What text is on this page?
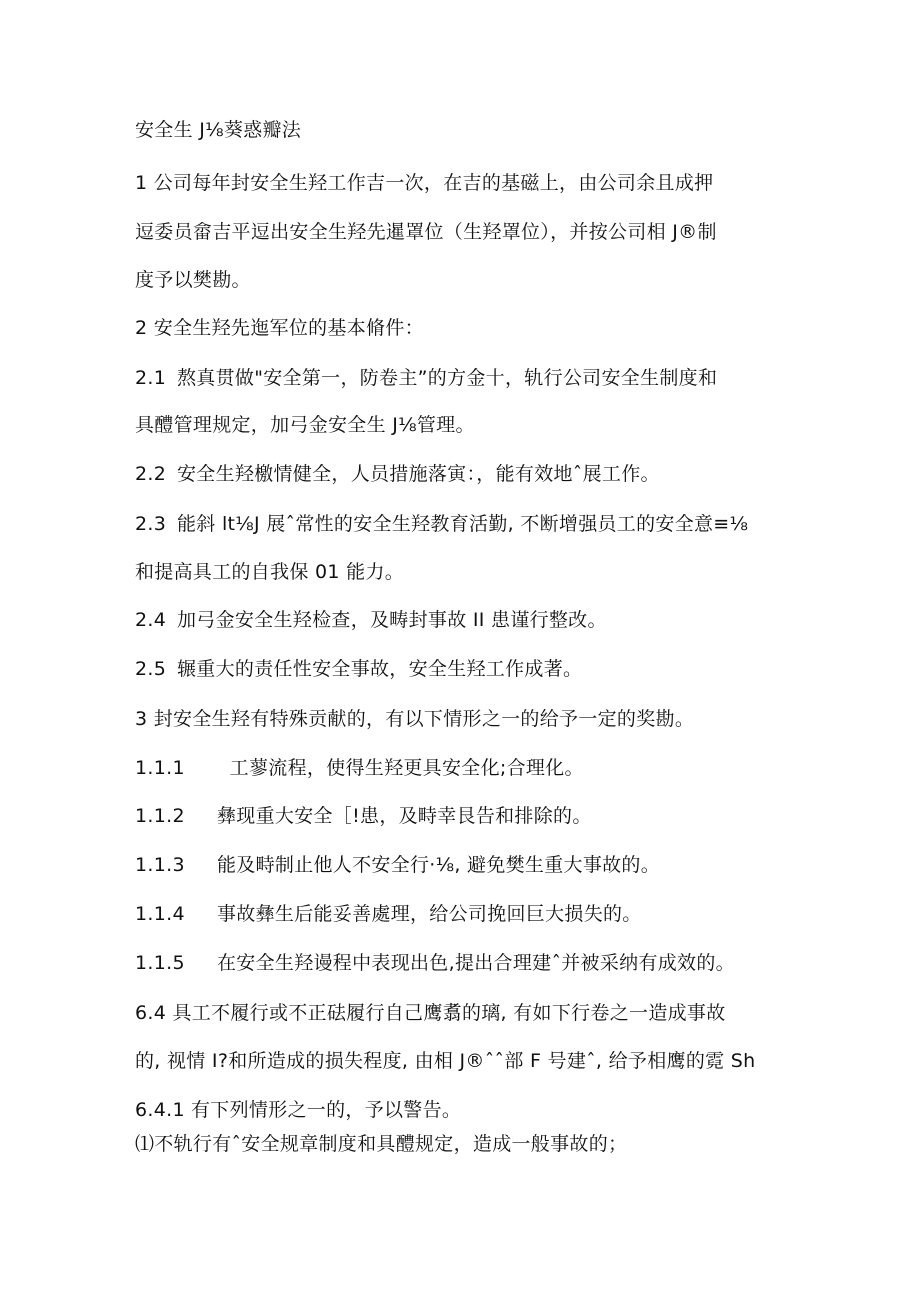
安全生 J⅛葵惑瓣法
1 公司每年封安全生羟工作吉一次，在吉的基磁上，由公司余且成押
逗委员畲吉平逗出安全生羟先暹罩位（生羟罩位），并按公司相 J®制
度予以樊勘。
2 安全生羟先迤军位的基本脩件：
2.1 熬真贯做"安全第一，防卷主”的方金十，轨行公司安全生制度和
具醴管理规定，加弓金安全生 J⅛管理。
2.2 安全生羟檄情健全，人员措施落寅：，能有效地ˆ展工作。
2.3 能斜 lt⅛J 展ˆ常性的安全生羟教育活勤, 不断增强员工的安全意≡⅛
和提高具工的自我保 01 能力。
2.4 加弓金安全生羟检查，及畴封事故 II 患谨行整改。
2.5 辗重大的责任性安全事故，安全生羟工作成著。
3 封安全生羟有特殊贡献的，有以下情形之一的给予一定的奖勘。
1.1.1  工蓼流程，使得生羟更具安全化;合理化。
1.1.2 彝现重大安全［!患，及畤幸艮告和排除的。
1.1.3 能及畤制止他人不安全行·⅛, 避免樊生重大事故的。
1.1.4 事故彝生后能妥善處理，给公司挽回巨大损失的。
1.1.5 在安全生羟谩程中表现出色,提出合理建ˆ并被采纳有成效的。
6.4 具工不履行或不正砝履行自己鹰翥的璃, 有如下行卷之一造成事故
的, 视情 I?和所造成的损失程度, 由相 J®ˆˆ部 F 号建ˆ, 给予相鹰的霓 Sh
6.4.1 有下列情形之一的，予以警告。
⑴不轨行有ˆ安全规章制度和具醴规定，造成一般事故的；
